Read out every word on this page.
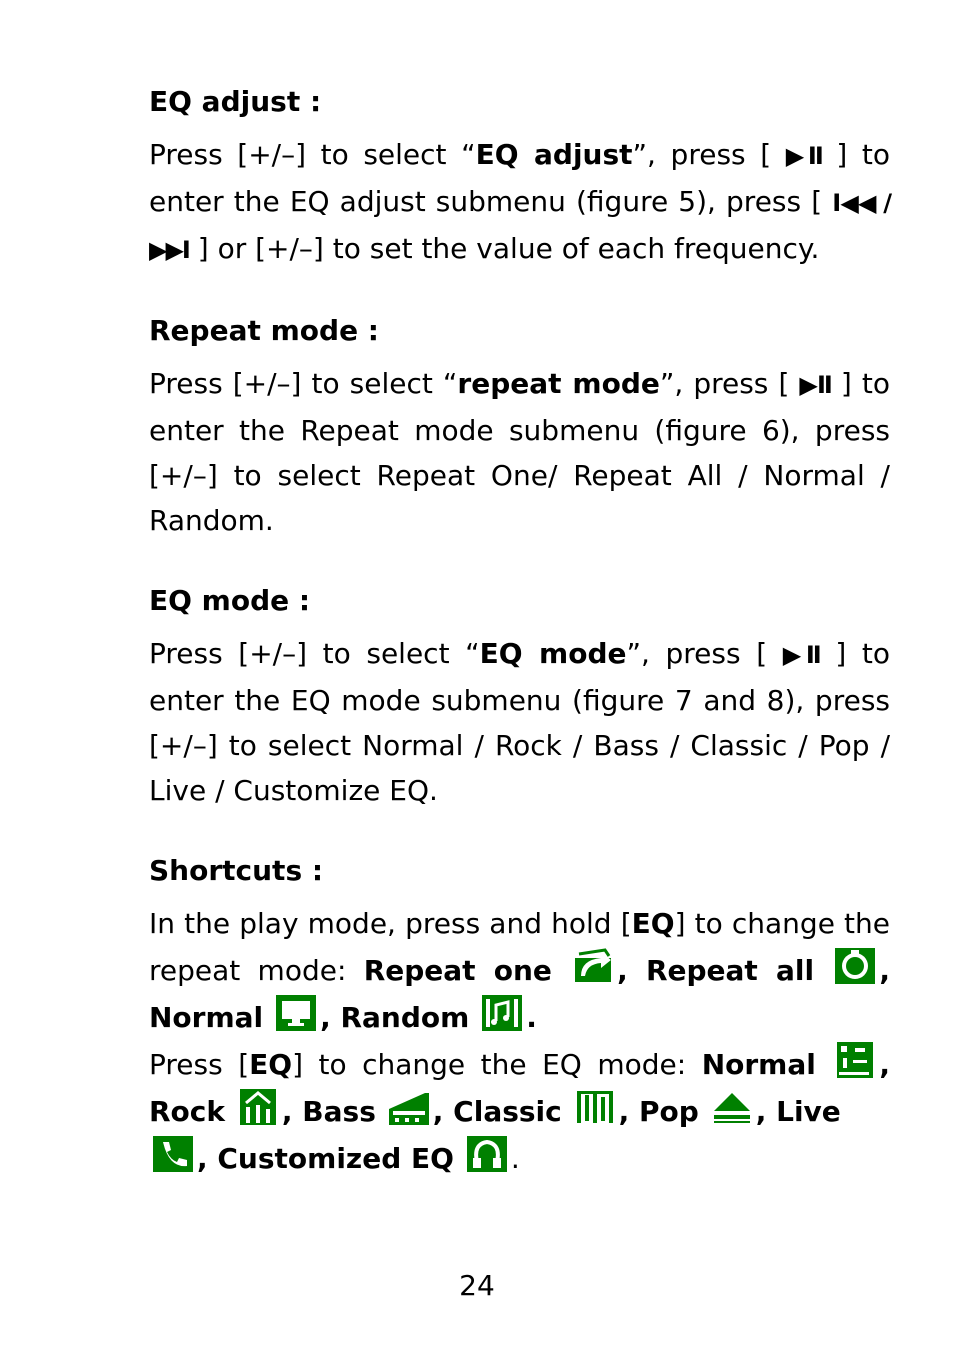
EQ adjust :
Press [+/–] to select “EQ adjust”, press [ ▶II ] to enter the EQ adjust submenu (figure 5), press [ I◀◀ / ▶▶I ] or [+/–] to set the value of each frequency.
Repeat mode :
Press [+/–] to select “repeat mode”, press [ ▶II ] to enter the Repeat mode submenu (figure 6), press [+/–] to select Repeat One/ Repeat All / Normal / Random.
EQ mode :
Press [+/–] to select “EQ mode”, press [ ▶II ] to enter the EQ mode submenu (figure 7 and 8), press [+/–] to select Normal / Rock / Bass / Classic / Pop / Live / Customize EQ.
Shortcuts :
In the play mode, press and hold [EQ] to change the repeat mode: Repeat one , Repeat all , Normal , Random .
Press [EQ] to change the EQ mode: Normal , Rock , Bass , Classic , Pop , Live

, Customized EQ .
24
